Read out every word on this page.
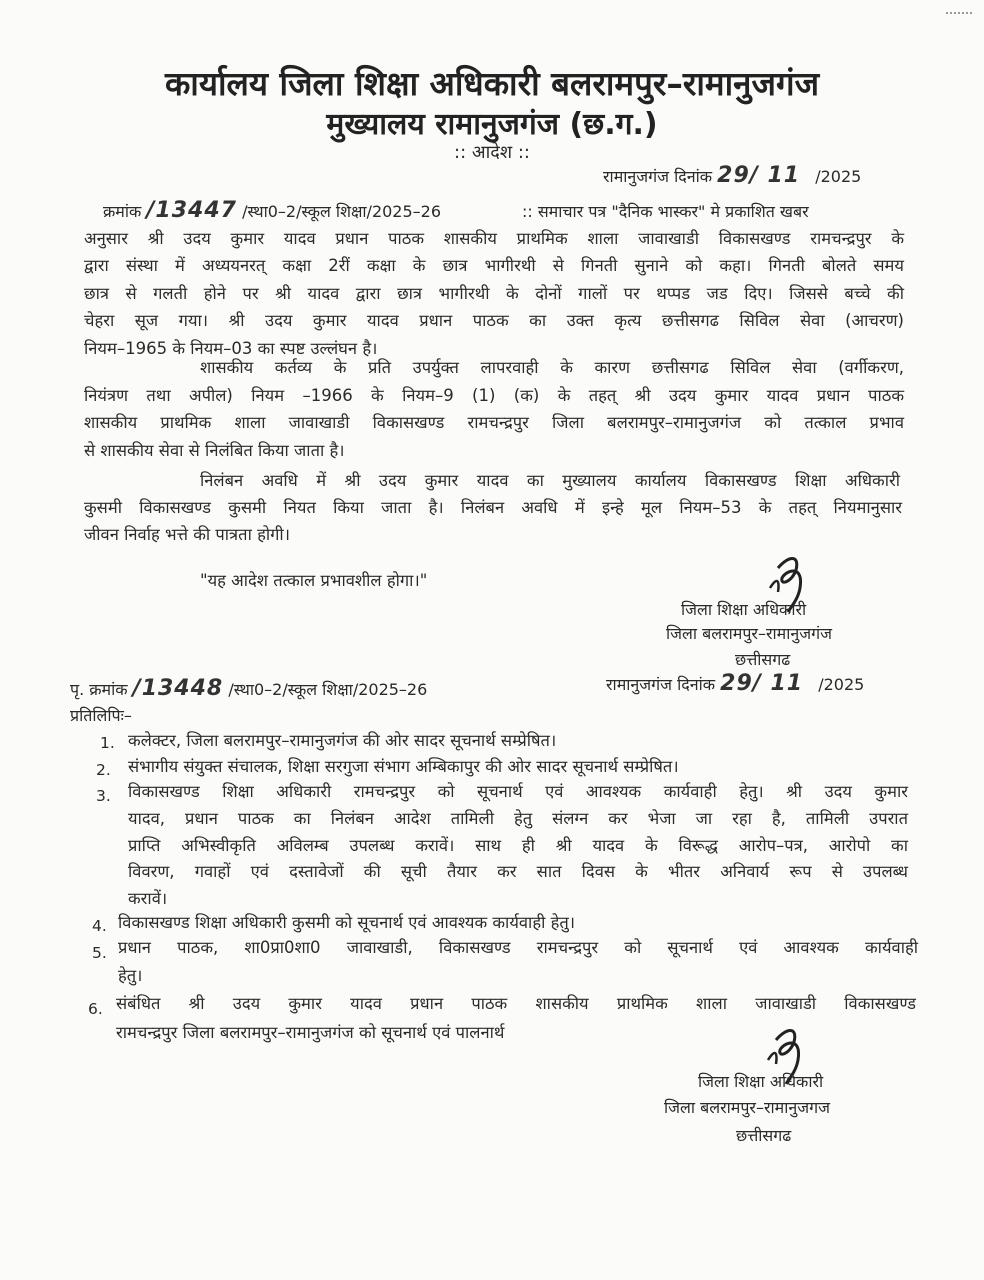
कार्यालय जिला शिक्षा अधिकारी बलरामपुर–रामानुजगंज
मुख्यालय रामानुजगंज (छ.ग.)
:: आदेश ::
रामानुजगंज दिनांक 29/ 11 /2025
क्रमांक /13447 /स्था0–2/स्कूल शिक्षा/2025–26	:: समाचार पत्र "दैनिक भास्कर" मे प्रकाशित खबर
अनुसार श्री उदय कुमार यादव प्रधान पाठक शासकीय प्राथमिक शाला जावाखाडी विकासखण्ड रामचन्द्रपुर के
द्वारा संस्था में अध्ययनरत् कक्षा 2रीं कक्षा के छात्र भागीरथी से गिनती सुनाने को कहा। गिनती बोलते समय
छात्र से गलती होने पर श्री यादव द्वारा छात्र भागीरथी के दोनों गालों पर थप्पड जड दिए। जिससे बच्चे की
चेहरा सूज गया। श्री उदय कुमार यादव प्रधान पाठक का उक्त कृत्य छत्तीसगढ सिविल सेवा (आचरण)
नियम–1965 के नियम–03 का स्पष्ट उल्लंघन है।
शासकीय कर्तव्य के प्रति उपर्युक्त लापरवाही के कारण छत्तीसगढ सिविल सेवा (वर्गीकरण,
नियंत्रण तथा अपील) नियम –1966 के नियम–9 (1) (क) के तहत् श्री उदय कुमार यादव प्रधान पाठक
शासकीय प्राथमिक शाला जावाखाडी विकासखण्ड रामचन्द्रपुर जिला बलरामपुर–रामानुजगंज को तत्काल प्रभाव
से शासकीय सेवा से निलंबित किया जाता है।
निलंबन अवधि में श्री उदय कुमार यादव का मुख्यालय कार्यालय विकासखण्ड शिक्षा अधिकारी
कुसमी विकासखण्ड कुसमी नियत किया जाता है। निलंबन अवधि में इन्हे मूल नियम–53 के तहत् नियमानुसार
जीवन निर्वाह भत्ते की पात्रता होगी।
"यह आदेश तत्काल प्रभावशील होगा।"
जिला शिक्षा अधिकारी
जिला बलरामपुर–रामानुजगंज
छत्तीसगढ
पृ. क्रमांक /13448 /स्था0–2/स्कूल शिक्षा/2025–26	रामानुजगंज दिनांक 29/ 11 /2025
प्रतिलिपिः–
1. कलेक्टर, जिला बलरामपुर–रामानुजगंज की ओर सादर सूचनार्थ सम्प्रेषित।
2. संभागीय संयुक्त संचालक, शिक्षा सरगुजा संभाग अम्बिकापुर की ओर सादर सूचनार्थ सम्प्रेषित।
3. विकासखण्ड शिक्षा अधिकारी रामचन्द्रपुर को सूचनार्थ एवं आवश्यक कार्यवाही हेतु। श्री उदय कुमार
यादव, प्रधान पाठक का निलंबन आदेश तामिली हेतु संलग्न कर भेजा जा रहा है, तामिली उपरात
प्राप्ति अभिस्वीकृति अविलम्ब उपलब्ध करावें। साथ ही श्री यादव के विरूद्ध आरोप–पत्र, आरोपो का
विवरण, गवाहों एवं दस्तावेजों की सूची तैयार कर सात दिवस के भीतर अनिवार्य रूप से उपलब्ध
करावें।
4. विकासखण्ड शिक्षा अधिकारी कुसमी को सूचनार्थ एवं आवश्यक कार्यवाही हेतु।
5. प्रधान पाठक, शा0प्रा0शा0 जावाखाडी, विकासखण्ड रामचन्द्रपुर को सूचनार्थ एवं आवश्यक कार्यवाही
हेतु।
6. संबंधित श्री उदय कुमार यादव प्रधान पाठक शासकीय प्राथमिक शाला जावाखाडी विकासखण्ड
रामचन्द्रपुर जिला बलरामपुर–रामानुजगंज को सूचनार्थ एवं पालनार्थ
जिला शिक्षा अधिकारी
जिला बलरामपुर–रामानुजगज
छत्तीसगढ
